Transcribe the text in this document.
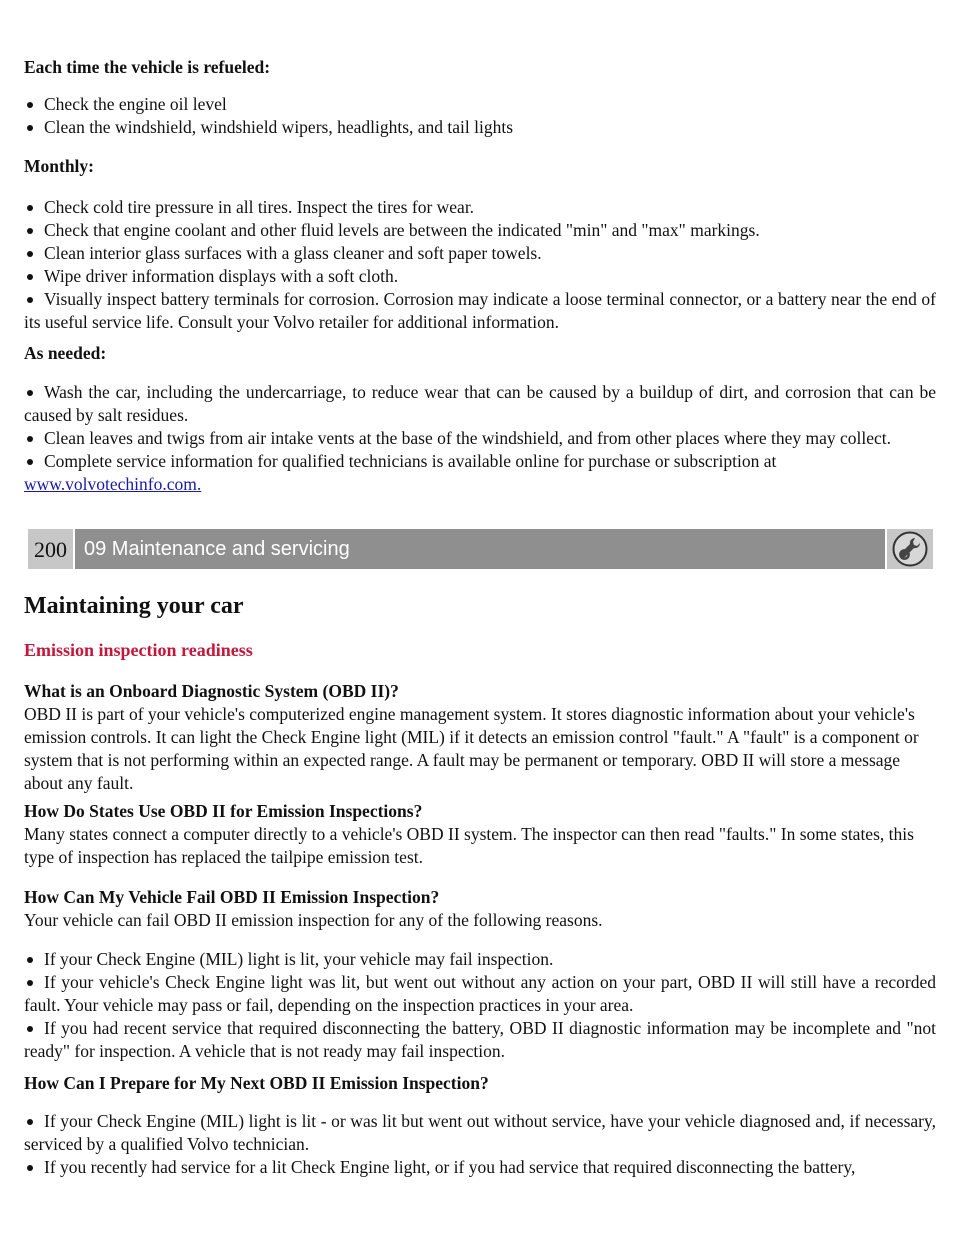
Each time the vehicle is refueled:
Check the engine oil level
Clean the windshield, windshield wipers, headlights, and tail lights
Monthly:
Check cold tire pressure in all tires. Inspect the tires for wear.
Check that engine coolant and other fluid levels are between the indicated "min" and "max" markings.
Clean interior glass surfaces with a glass cleaner and soft paper towels.
Wipe driver information displays with a soft cloth.
Visually inspect battery terminals for corrosion. Corrosion may indicate a loose terminal connector, or a battery near the end of its useful service life. Consult your Volvo retailer for additional information.
As needed:
Wash the car, including the undercarriage, to reduce wear that can be caused by a buildup of dirt, and corrosion that can be caused by salt residues.
Clean leaves and twigs from air intake vents at the base of the windshield, and from other places where they may collect.
Complete service information for qualified technicians is available online for purchase or subscription at
www.volvotechinfo.com.
Maintaining your car
Emission inspection readiness

What is an Onboard Diagnostic System (OBD II)?

OBD II is part of your vehicle's computerized engine management system. It stores diagnostic information about your vehicle's emission controls. It can light the Check Engine light (MIL) if it detects an emission control "fault." A "fault" is a component or system that is not performing within an expected range. A fault may be permanent or temporary. OBD II will store a message about any fault.

How Do States Use OBD II for Emission Inspections?

Many states connect a computer directly to a vehicle's OBD II system. The inspector can then read "faults." In some states, this type of inspection has replaced the tailpipe emission test.

How Can My Vehicle Fail OBD II Emission Inspection?

Your vehicle can fail OBD II emission inspection for any of the following reasons.

If your Check Engine (MIL) light is lit, your vehicle may fail inspection.
If your vehicle's Check Engine light was lit, but went out without any action on your part, OBD II will still have a recorded fault. Your vehicle may pass or fail, depending on the inspection practices in your area.
If you had recent service that required disconnecting the battery, OBD II diagnostic information may be incomplete and "not ready" for inspection. A vehicle that is not ready may fail inspection.
How Can I Prepare for My Next OBD II Emission Inspection?
If your Check Engine (MIL) light is lit - or was lit but went out without service, have your vehicle diagnosed and, if necessary, serviced by a qualified Volvo technician.
If you recently had service for a lit Check Engine light, or if you had service that required disconnecting the battery,
200 09 Maintenance and servicing
